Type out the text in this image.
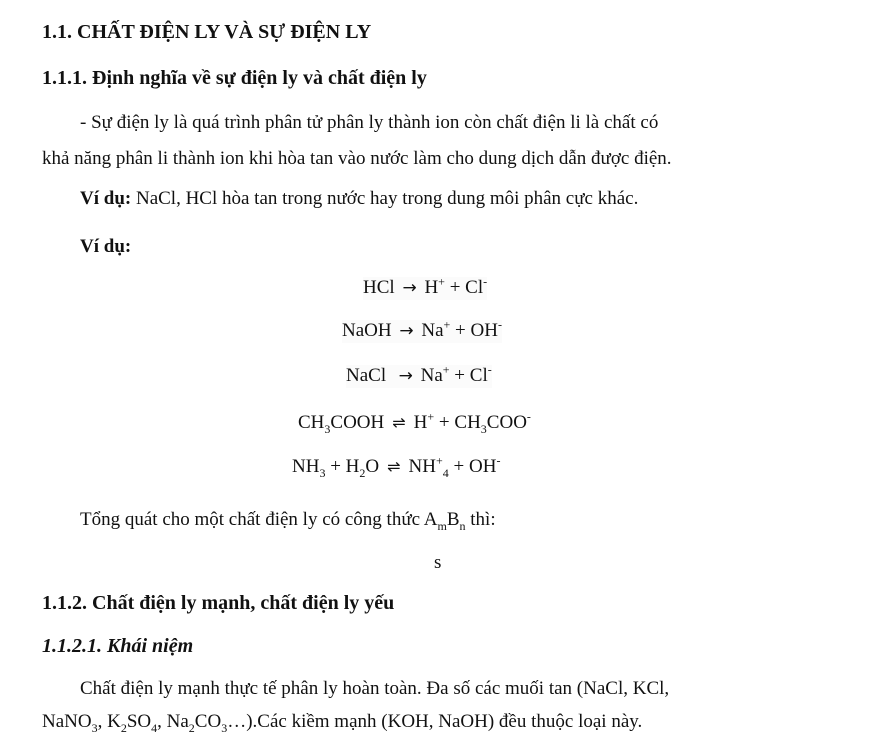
1.1. CHẤT ĐIỆN LY VÀ SỰ ĐIỆN LY
1.1.1. Định nghĩa về sự điện ly và chất điện ly
- Sự điện ly là quá trình phân tử phân ly thành ion còn chất điện li là chất có
khả năng phân li thành ion khi hòa tan vào nước làm cho dung dịch dẫn được điện.
Ví dụ: NaCl, HCl hòa tan trong nước hay trong dung môi phân cực khác.
Ví dụ:
HCl → H+ + Cl-
NaOH → Na+ + OH-
NaCl → Na+ + Cl-
$CH_3COOH$ ⇌ $H^+ + CH_3COO^-$
$NH_3 + H_2O$ ⇌ $NH^+_4 + OH^-$
Tổng quát cho một chất điện ly có công thức $A_mB_n$ thì:
s
1.1.2. Chất điện ly mạnh, chất điện ly yếu
1.1.2.1. Khái niệm
Chất điện ly mạnh thực tế phân ly hoàn toàn. Đa số các muối tan (NaCl, KCl,
NaNO$_3$, $K_2SO_4$, $Na_2CO_3\dots).Các$ kiềm mạnh (KOH, NaOH) đều thuộc loại này.
